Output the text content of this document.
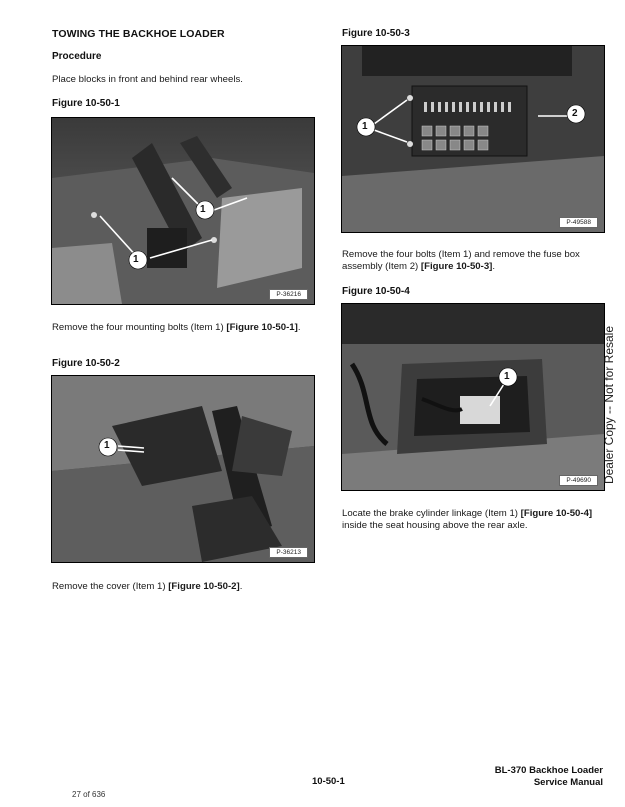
TOWING THE BACKHOE LOADER
Procedure
Place blocks in front and behind rear wheels.
Figure 10-50-1
1
1
P-36216
Remove the four mounting bolts (Item 1) [Figure 10-50-1].
Figure 10-50-2
1
P-36213
Remove the cover (Item 1) [Figure 10-50-2].
Figure 10-50-3
1
2
P-49588
Remove the four bolts (Item 1) and remove the fuse box assembly (Item 2) [Figure 10-50-3].
Figure 10-50-4
1
P-49690
Locate the brake cylinder linkage (Item 1) [Figure 10-50-4] inside the seat housing above the rear axle.
Dealer Copy -- Not for Resale
27 of 636
10-50-1
BL-370 Backhoe Loader
Service Manual
